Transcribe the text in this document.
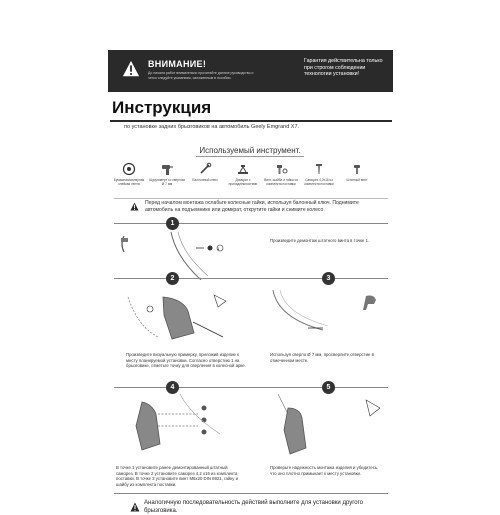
ВНИМАНИЕ!
До начала работ внимательно прочитайте данное руководство и четко следуйте указаниям, изложенным в пособии.
Гарантия действительна только при строгом соблюдении технологии установки!
Инструкция
по установке задних брызговиков на автомобиль Geely Emgrand X7.
Используемый инструмент.
Бумажная/малярная клейкая лента
Шуруповерт со сверлом Ø 7 мм
Баллонный ключ	Домкрат с принадлежностями
Винт, шайба и гайка из комплекта поставки
Саморез 4,2х16 из комплекта поставки
Штатный винт
Перед началом монтажа ослабьте колесные гайки, используя балонный ключ. Поднимите автомобиль на подъемнике или домкрат, открутите гайки и снимите колесо.
1
1
Произведите демонтаж штатного винта в точке 1.
2	3
Произведите визуальную примерку, приложив изделие к месту планируемой установки. Согласно отверстию 1 на брызговике, отметьте точку для сверления в колесной арке.
Используя сверло Ø 7 мм, просверлите отверстие в отмеченном месте.
4	5
В точке 1 установите ранее демонтированный штатный саморез. В точке 2 установите саморез 4,2 х16 из комплекта поставки. В точке 3 установите винт М6х20 DIN 6921, гайку и шайбу из комплекта поставки.
Проверьте надежность монтажа изделия и убедитесь, что оно плотно примыкает к месту установки.
Аналогичную последовательность действий выполните для установки другого брызговика.
